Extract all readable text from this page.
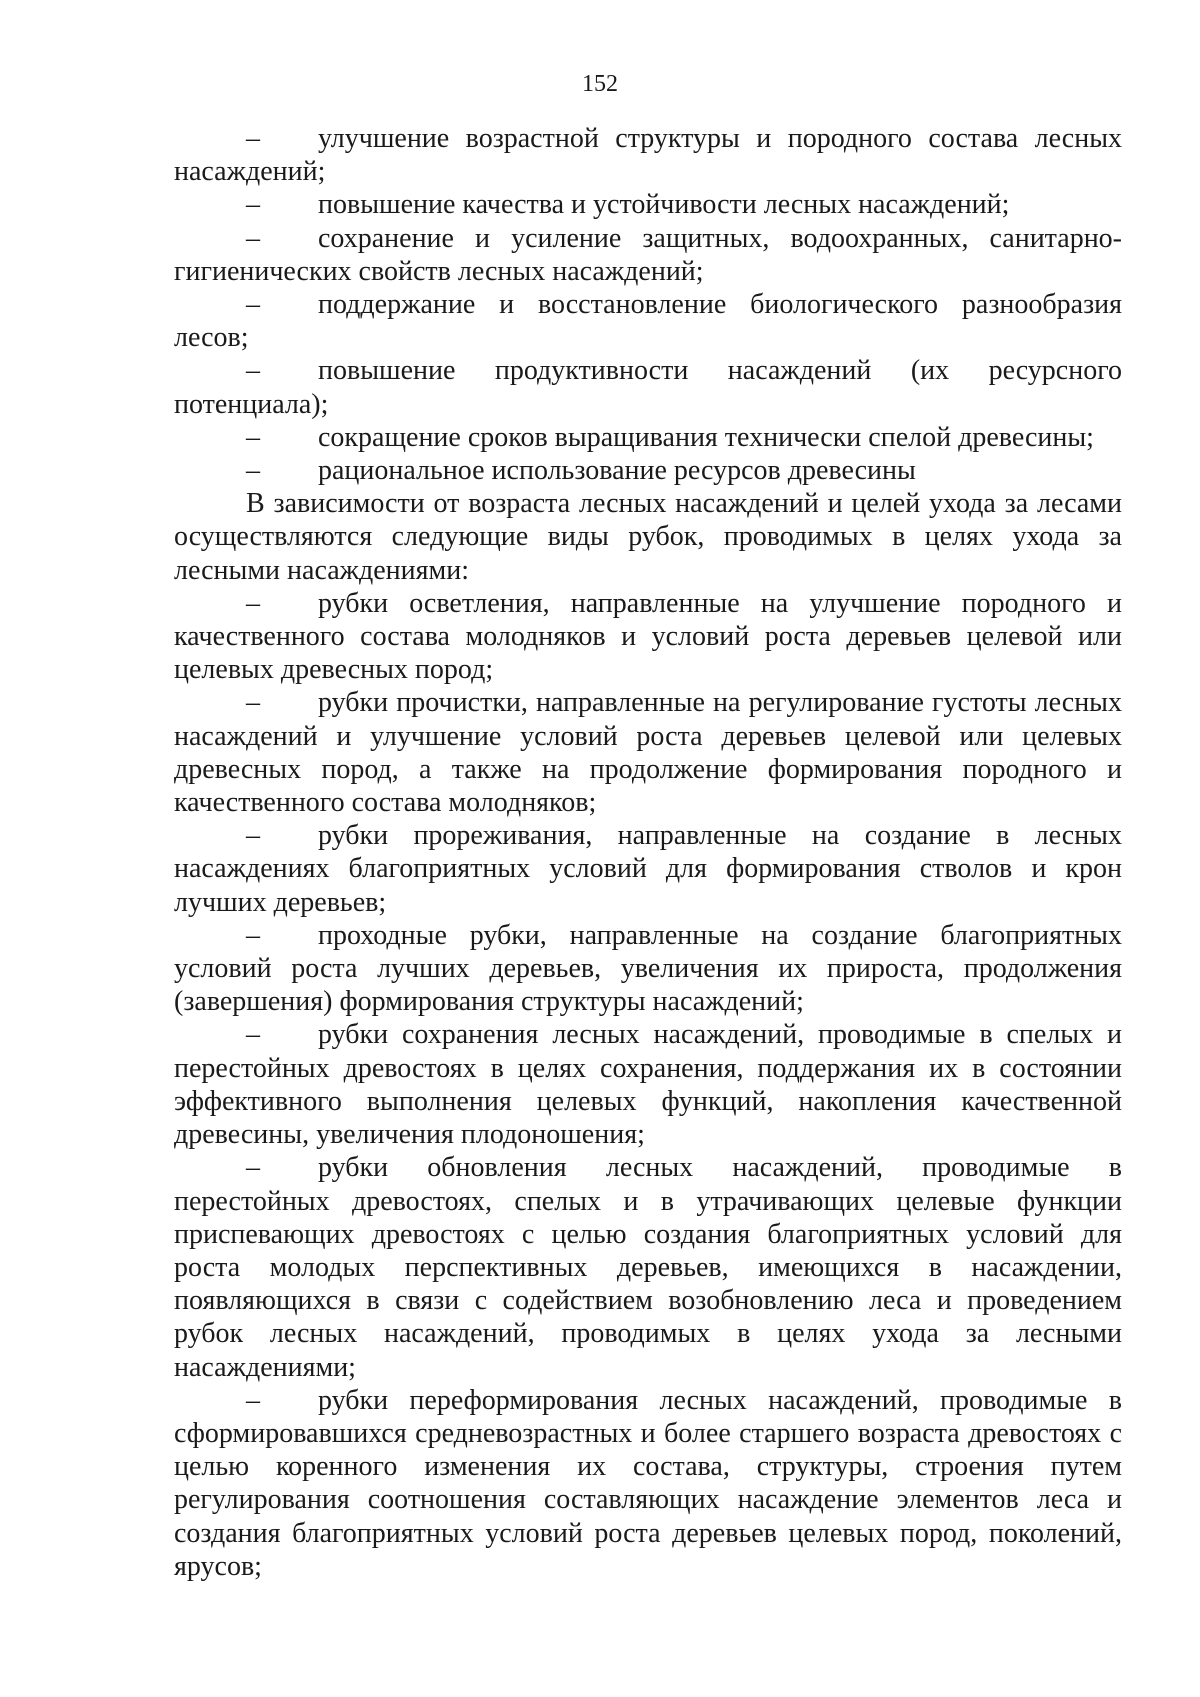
152

– улучшение возрастной структуры и породного состава лесных насаждений;

– повышение качества и устойчивости лесных насаждений;

– сохранение и усиление защитных, водоохранных, санитарно-гигиенических свойств лесных насаждений;

– поддержание и восстановление биологического разнообразия лесов;

– повышение продуктивности насаждений (их ресурсного потенциала);

– сокращение сроков выращивания технически спелой древесины;

– рациональное использование ресурсов древесины

В зависимости от возраста лесных насаждений и целей ухода за лесами осуществляются следующие виды рубок, проводимых в целях ухода за лесными насаждениями:

– рубки осветления, направленные на улучшение породного и качественного состава молодняков и условий роста деревьев целевой или целевых древесных пород;

– рубки прочистки, направленные на регулирование густоты лесных насаждений и улучшение условий роста деревьев целевой или целевых древесных пород, а также на продолжение формирования породного и качественного состава молодняков;

– рубки прореживания, направленные на создание в лесных насаждениях благоприятных условий для формирования стволов и крон лучших деревьев;

– проходные рубки, направленные на создание благоприятных условий роста лучших деревьев, увеличения их прироста, продолжения (завершения) формирования структуры насаждений;

– рубки сохранения лесных насаждений, проводимые в спелых и перестойных древостоях в целях сохранения, поддержания их в состоянии эффективного выполнения целевых функций, накопления качественной древесины, увеличения плодоношения;

– рубки обновления лесных насаждений, проводимые в перестойных древостоях, спелых и в утрачивающих целевые функции приспевающих древостоях с целью создания благоприятных условий для роста молодых перспективных деревьев, имеющихся в насаждении, появляющихся в связи с содействием возобновлению леса и проведением рубок лесных насаждений, проводимых в целях ухода за лесными насаждениями;

– рубки переформирования лесных насаждений, проводимые в сформировавшихся средневозрастных и более старшего возраста древостоях с целью коренного изменения их состава, структуры, строения путем регулирования соотношения составляющих насаждение элементов леса и создания благоприятных условий роста деревьев целевых пород, поколений, ярусов;
